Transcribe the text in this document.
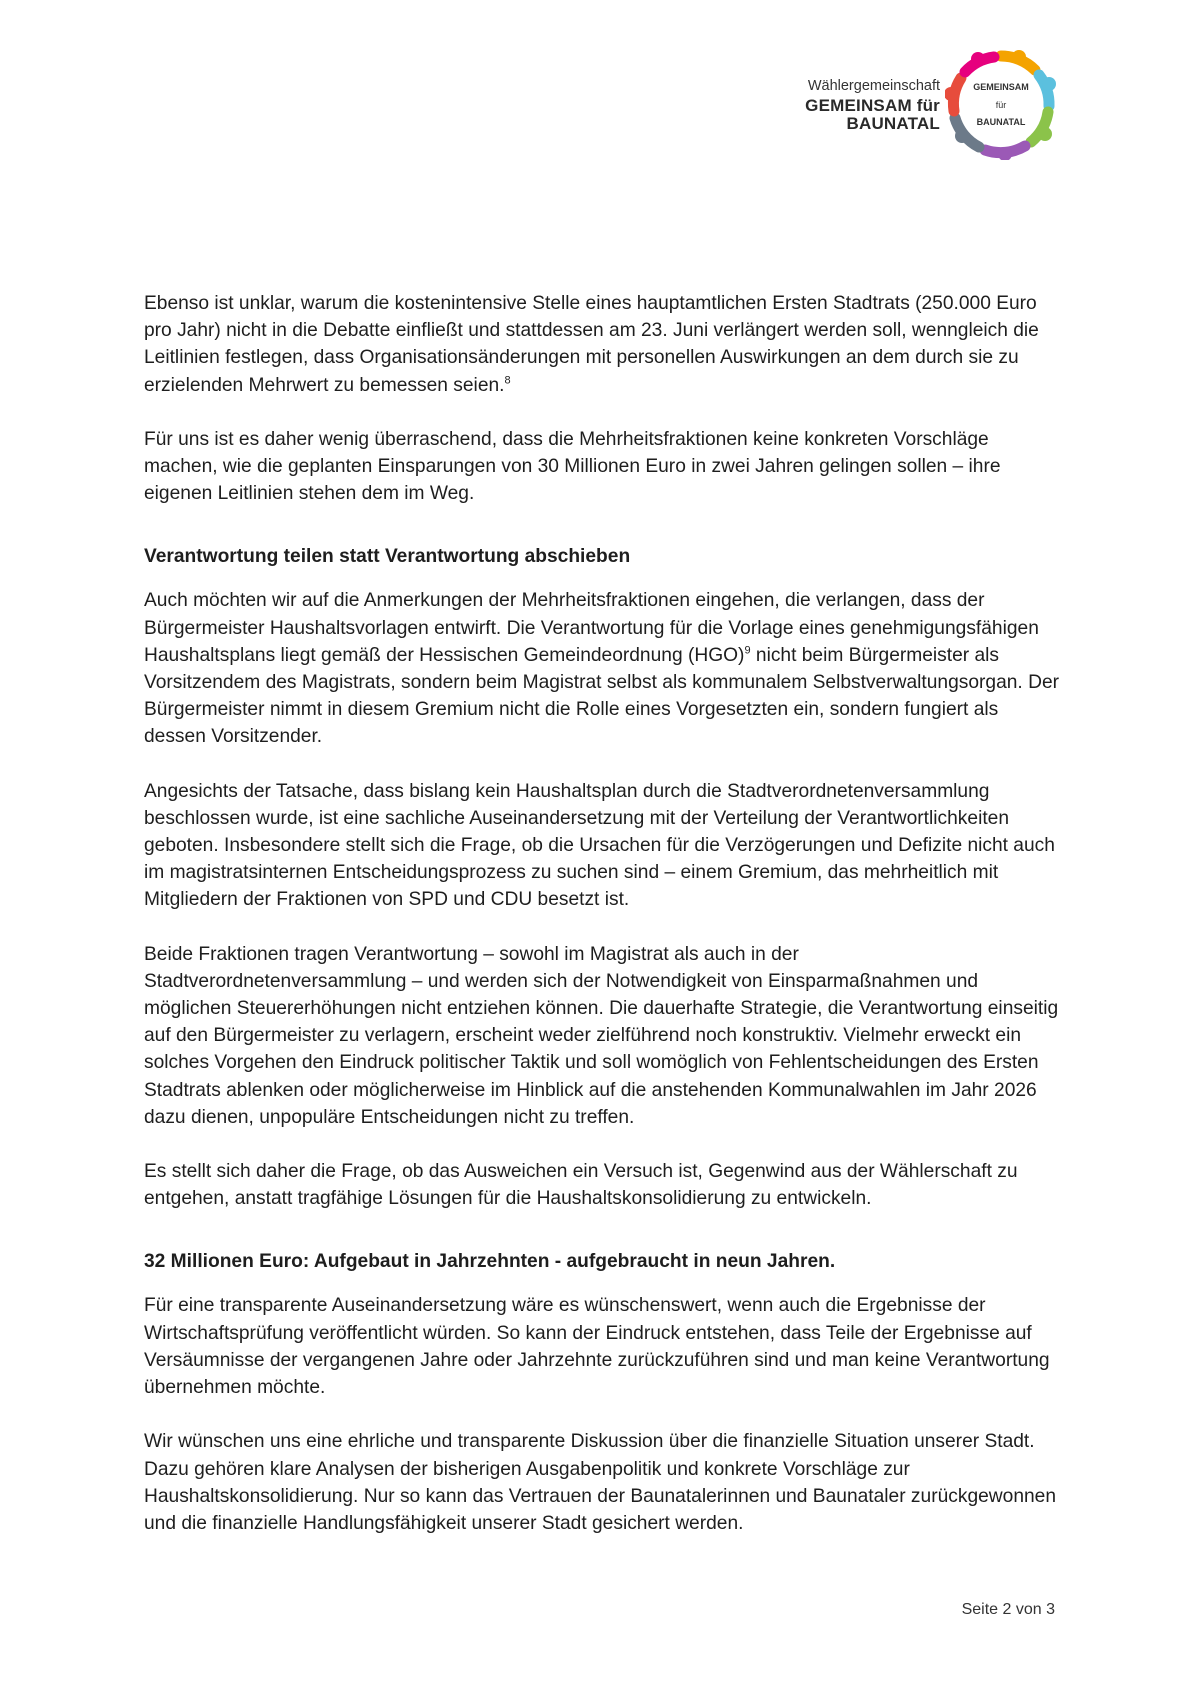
Wählergemeinschaft
GEMEINSAM für
BAUNATAL
GEMEINSAM
für
BAUNATAL

Ebenso ist unklar, warum die kostenintensive Stelle eines hauptamtlichen Ersten Stadtrats (250.000 Euro pro Jahr) nicht in die Debatte einfließt und stattdessen am 23. Juni verlängert werden soll, wenngleich die Leitlinien festlegen, dass Organisationsänderungen mit personellen Auswirkungen an dem durch sie zu erzielenden Mehrwert zu bemessen seien.$^8$

Für uns ist es daher wenig überraschend, dass die Mehrheitsfraktionen keine konkreten Vorschläge machen, wie die geplanten Einsparungen von 30 Millionen Euro in zwei Jahren gelingen sollen – ihre eigenen Leitlinien stehen dem im Weg.

Verantwortung teilen statt Verantwortung abschieben

Auch möchten wir auf die Anmerkungen der Mehrheitsfraktionen eingehen, die verlangen, dass der Bürgermeister Haushaltsvorlagen entwirft. Die Verantwortung für die Vorlage eines genehmigungsfähigen Haushaltsplans liegt gemäß der Hessischen Gemeindeordnung (HGO)$^9$ nicht beim Bürgermeister als Vorsitzendem des Magistrats, sondern beim Magistrat selbst als kommunalem Selbstverwaltungsorgan. Der Bürgermeister nimmt in diesem Gremium nicht die Rolle eines Vorgesetzten ein, sondern fungiert als dessen Vorsitzender.

Angesichts der Tatsache, dass bislang kein Haushaltsplan durch die Stadtverordnetenversammlung beschlossen wurde, ist eine sachliche Auseinandersetzung mit der Verteilung der Verantwortlichkeiten geboten. Insbesondere stellt sich die Frage, ob die Ursachen für die Verzögerungen und Defizite nicht auch im magistratsinternen Entscheidungsprozess zu suchen sind – einem Gremium, das mehrheitlich mit Mitgliedern der Fraktionen von SPD und CDU besetzt ist.

Beide Fraktionen tragen Verantwortung – sowohl im Magistrat als auch in der Stadtverordnetenversammlung – und werden sich der Notwendigkeit von Einsparmaßnahmen und möglichen Steuererhöhungen nicht entziehen können. Die dauerhafte Strategie, die Verantwortung einseitig auf den Bürgermeister zu verlagern, erscheint weder zielführend noch konstruktiv. Vielmehr erweckt ein solches Vorgehen den Eindruck politischer Taktik und soll womöglich von Fehlentscheidungen des Ersten Stadtrats ablenken oder möglicherweise im Hinblick auf die anstehenden Kommunalwahlen im Jahr 2026 dazu dienen, unpopuläre Entscheidungen nicht zu treffen.

Es stellt sich daher die Frage, ob das Ausweichen ein Versuch ist, Gegenwind aus der Wählerschaft zu entgehen, anstatt tragfähige Lösungen für die Haushaltskonsolidierung zu entwickeln.

32 Millionen Euro: Aufgebaut in Jahrzehnten - aufgebraucht in neun Jahren.

Für eine transparente Auseinandersetzung wäre es wünschenswert, wenn auch die Ergebnisse der Wirtschaftsprüfung veröffentlicht würden. So kann der Eindruck entstehen, dass Teile der Ergebnisse auf Versäumnisse der vergangenen Jahre oder Jahrzehnte zurückzuführen sind und man keine Verantwortung übernehmen möchte.

Wir wünschen uns eine ehrliche und transparente Diskussion über die finanzielle Situation unserer Stadt. Dazu gehören klare Analysen der bisherigen Ausgabenpolitik und konkrete Vorschläge zur Haushaltskonsolidierung. Nur so kann das Vertrauen der Baunatalerinnen und Baunataler zurückgewonnen und die finanzielle Handlungsfähigkeit unserer Stadt gesichert werden.

Seite 2 von 3
